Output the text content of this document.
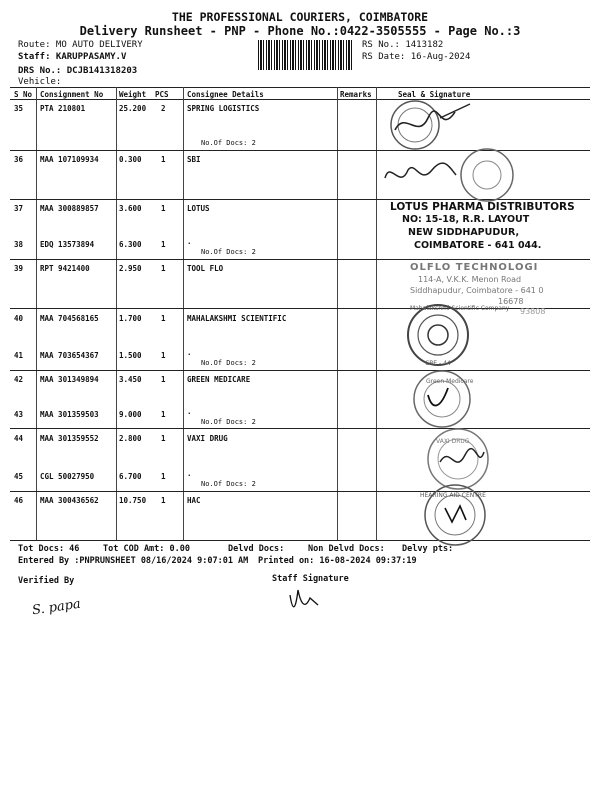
THE PROFESSIONAL COURIERS, COIMBATORE
Delivery Runsheet - PNP - Phone No.:0422-3505555 - Page No.:3
Route: MO AUTO DELIVERY
Staff: KARUPPASAMY.V
DRS No.: DCJB141318203
Vehicle:
RS No.: 1413182
RS Date: 16-Aug-2024
S No Consignment No Weight PCS Consignee Details	Remarks	Seal & Signature
35 PTA 210801	25.200 2	SPRING LOGISTICS
No.Of Docs: 2
36 MAA 107109934	0.300	1	SBI
37 MAA 300889857	3.600	1	LOTUS
38 EDQ 13573894	6.300	1	.
No.Of Docs: 2
39 RPT 9421400	2.950	1	TOOL FLO
40 MAA 704568165	1.700	1	MAHALAKSHMI SCIENTIFIC
41 MAA 703654367	1.500	1	.
No.Of Docs: 2
42 MAA 301349894	3.450	1	GREEN MEDICARE
43 MAA 301359503	9.000	1	.
No.Of Docs: 2
44 MAA 301359552	2.800	1	VAXI DRUG
45 CGL 50027950	6.700	1	.
No.Of Docs: 2
46 MAA 300436562	10.750 1	HAC
LOTUS PHARMA DISTRIBUTORS
NO: 15-18, R.R. LAYOUT
NEW SIDDHAPUDUR,
COIMBATORE - 641 044.
OLFLO TECHNOLOGI
114-A, V.K.K. Menon Road
Siddhapudur, Coimbatore - 641 0
16678
93808
Mahalakshmi Scientific Company
CBE - 44
Green Medicare
VAXI DRUG
HEARING AID CENTRE
Tot Docs: 46	Tot COD Amt: 0.00	Delvd Docs:	Non Delvd Docs: Delvy pts:
Entered By :PNPRUNSHEET 08/16/2024 9:07:01 AM Printed on: 16-08-2024 09:37:19
Verified By	Staff Signature
S. papa
